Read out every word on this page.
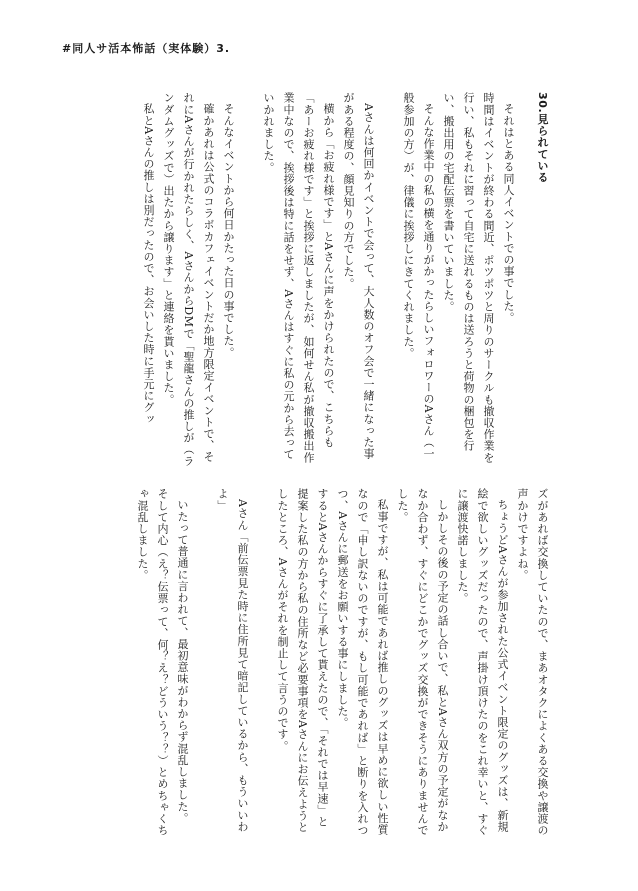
#同人サ活本怖話（実体験）3.
30.見られている

それはとある同人イベントでの事でした。

時間はイベントが終わる間近、ポツポツと周りのサークルも撤収作業を行い、私もそれに習って自宅に送れるものは送ろうと荷物の梱包を行い、搬出用の宅配伝票を書いていました。

そんな作業中の私の横を通りがかったらしいフォロワーのAさん（一般参加の方）が、律儀に挨拶しにきてくれました。

Aさんは何回かイベントで会って、大人数のオフ会で一緒になった事がある程度の、顔見知りの方でした。

横から「お疲れ様です」とAさんに声をかけられたので、こちらも「あーお疲れ様です」と挨拶に返しましたが、如何せん私が撤収搬出作業中なので、挨拶後は特に話をせず、Aさんはすぐに私の元から去っていかれました。

そんなイベントから何日かたった日の事でした。

確かあれは公式のコラボカフェイベントだか地方限定イベントで、それにAさんが行かれたらしく、AさんからDMで「聖龍さんの推しが（ランダムグッズで）出たから譲ります」と連絡を貰いました。

私とAさんの推しは別だったので、お会いした時に手元にグッ

ズがあれば交換していたので、まあオタクによくある交換や譲渡の声かけですよね。

ちょうどAさんが参加された公式イベント限定のグッズは、新規絵で欲しいグッズだったので、声掛け頂けたのをこれ幸いと、すぐに譲渡快諾しました。

しかしその後の予定の話し合いで、私とAさん双方の予定がなかなか合わず、すぐにどこかでグッズ交換ができそうにありませんでした。

私事ですが、私は可能であれば推しのグッズは早めに欲しい性質なので「申し訳ないのですが、もし可能であれば」と断りを入れつつ、Aさんに郵送をお願いする事にしました。

するとAさんからすぐに了承して貰えたので、「それでは早速」と提案した私の方から私の住所など必要事項をAさんにお伝えようとしたところ、Aさんがそれを制止して言うのです。

Aさん「前伝票見た時に住所見て暗記しているから、もういいわよ」

いたって普通に言われて、最初意味がわからず混乱しました。

そして内心（え？伝票って、何？え？どういう？？）とめちゃくちゃ混乱しました。
